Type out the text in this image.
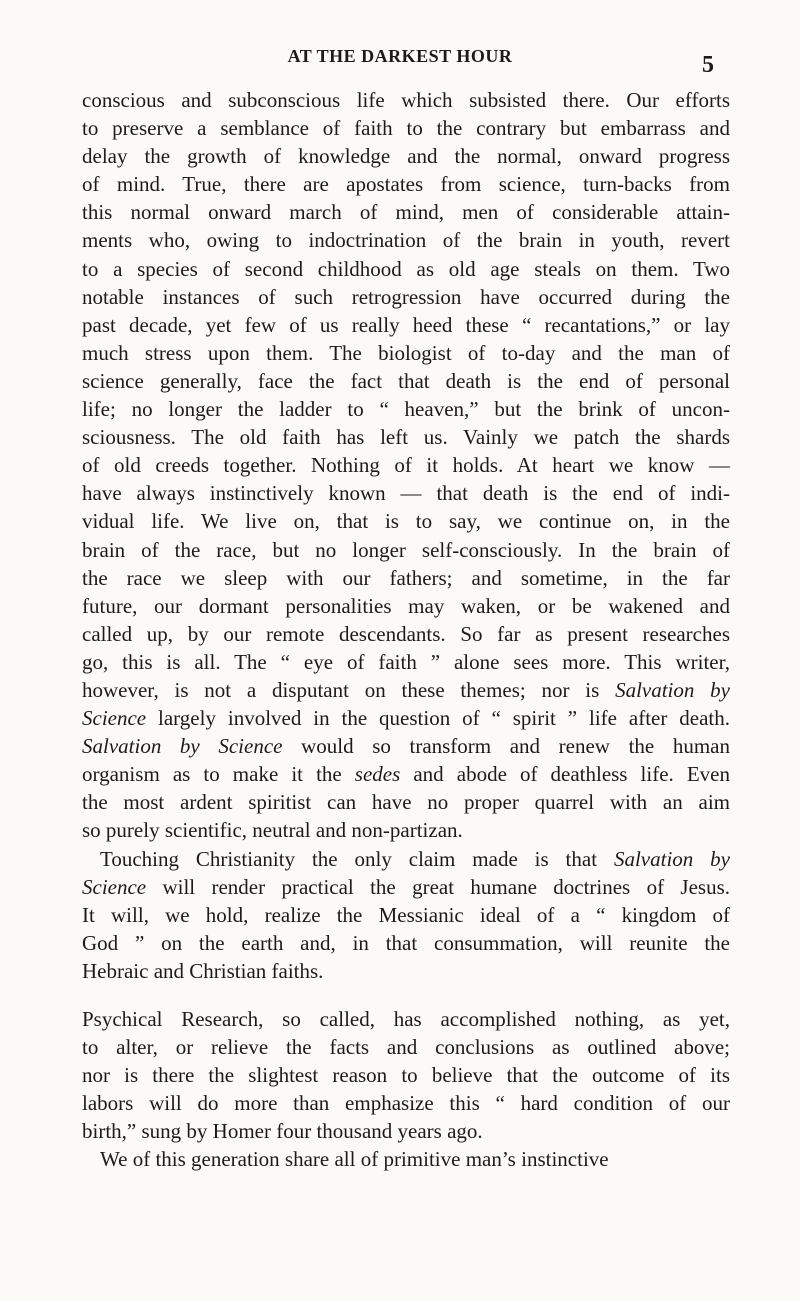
AT THE DARKEST HOUR	5
conscious and subconscious life which subsisted there. Our efforts
to preserve a semblance of faith to the contrary but embarrass and
delay the growth of knowledge and the normal, onward progress
of mind. True, there are apostates from science, turn-backs from
this normal onward march of mind, men of considerable attain-
ments who, owing to indoctrination of the brain in youth, revert
to a species of second childhood as old age steals on them. Two
notable instances of such retrogression have occurred during the
past decade, yet few of us really heed these “ recantations,” or lay
much stress upon them. The biologist of to-day and the man of
science generally, face the fact that death is the end of personal
life; no longer the ladder to “ heaven,” but the brink of uncon-
sciousness. The old faith has left us. Vainly we patch the shards
of old creeds together. Nothing of it holds. At heart we know —
have always instinctively known — that death is the end of indi-
vidual life. We live on, that is to say, we continue on, in the
brain of the race, but no longer self-consciously. In the brain of
the race we sleep with our fathers; and sometime, in the far
future, our dormant personalities may waken, or be wakened and
called up, by our remote descendants. So far as present researches
go, this is all. The “ eye of faith ” alone sees more. This writer,
however, is not a disputant on these themes; nor is Salvation by
Science largely involved in the question of “ spirit ” life after death.
Salvation by Science would so transform and renew the human
organism as to make it the sedes and abode of deathless life. Even
the most ardent spiritist can have no proper quarrel with an aim
so purely scientific, neutral and non-partizan.
Touching Christianity the only claim made is that Salvation by
Science will render practical the great humane doctrines of Jesus.
It will, we hold, realize the Messianic ideal of a “ kingdom of
God ” on the earth and, in that consummation, will reunite the
Hebraic and Christian faiths.
Psychical Research, so called, has accomplished nothing, as yet,
to alter, or relieve the facts and conclusions as outlined above;
nor is there the slightest reason to believe that the outcome of its
labors will do more than emphasize this “ hard condition of our
birth,” sung by Homer four thousand years ago.
We of this generation share all of primitive man’s instinctive
